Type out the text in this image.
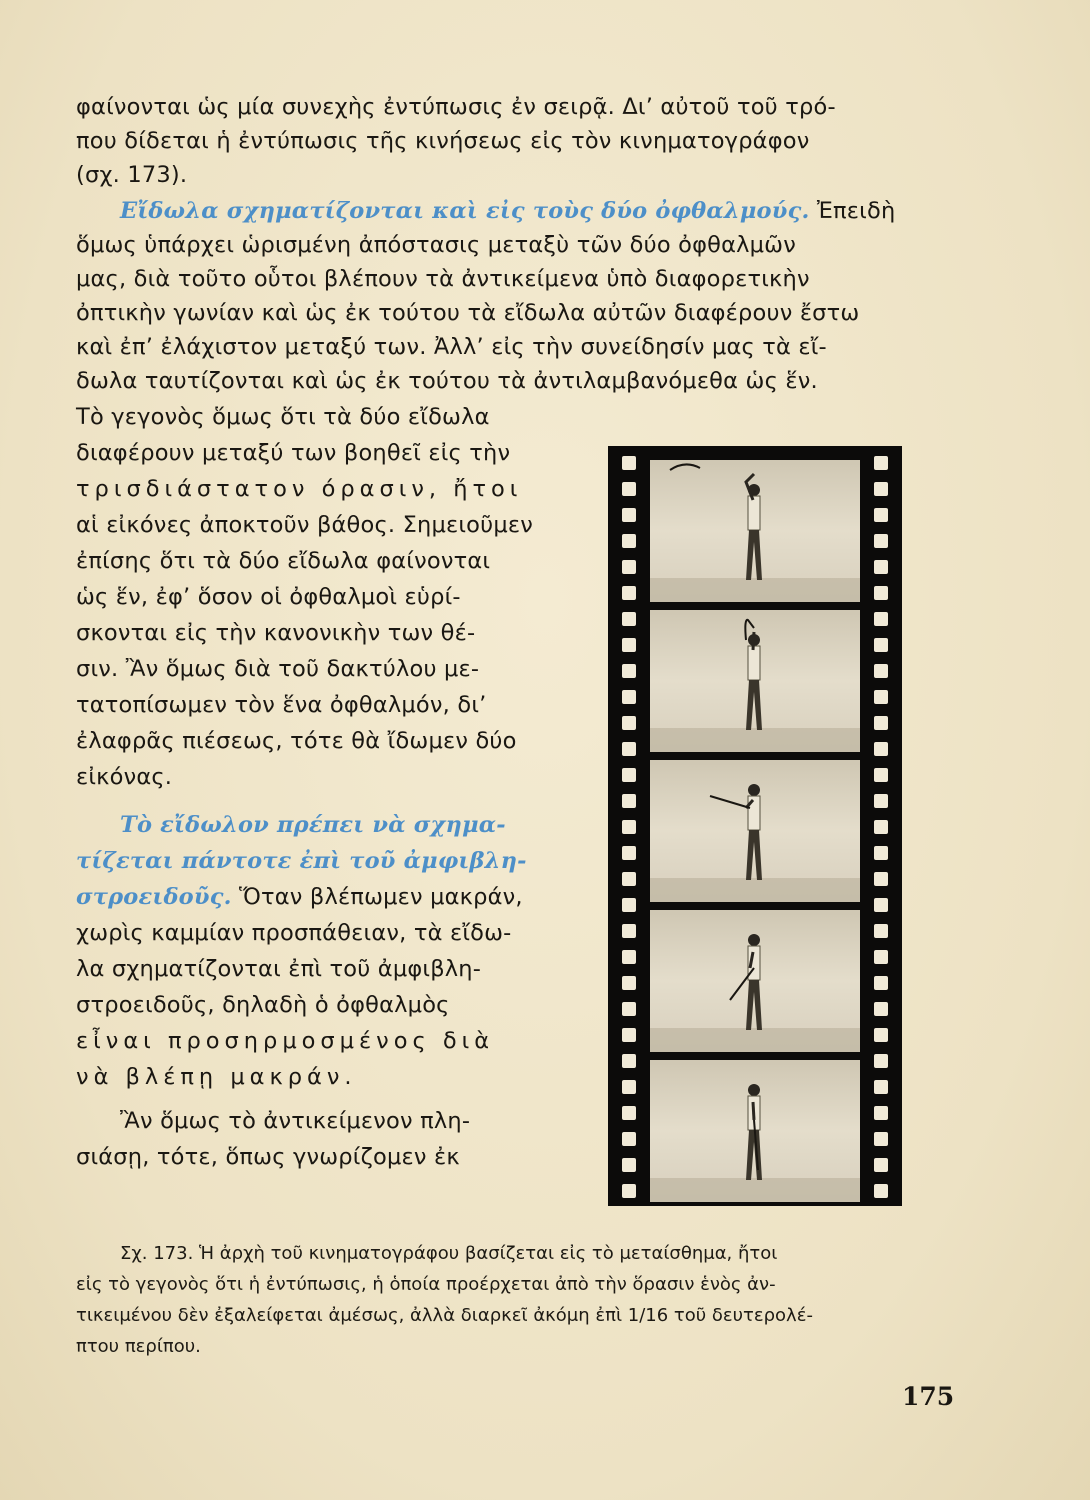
φαίνονται ὡς μία συνεχὴς ἐντύπωσις ἐν σειρᾷ. Δι’ αὐτοῦ τοῦ τρό-
που δίδεται ἡ ἐντύπωσις τῆς κινήσεως εἰς τὸν κινηματογράφον
(σχ. 173).
Εἴδωλα σχηματίζονται καὶ εἰς τοὺς δύο ὀφθαλμούς. Ἐπειδὴ
ὅμως ὑπάρχει ὡρισμένη ἀπόστασις μεταξὺ τῶν δύο ὀφθαλμῶν
μας, διὰ τοῦτο οὗτοι βλέπουν τὰ ἀντικείμενα ὑπὸ διαφορετικὴν
ὀπτικὴν γωνίαν καὶ ὡς ἐκ τούτου τὰ εἴδωλα αὐτῶν διαφέρουν ἔστω
καὶ ἐπ’ ἐλάχιστον μεταξύ των. Ἀλλ’ εἰς τὴν συνείδησίν μας τὰ εἴ-
δωλα ταυτίζονται καὶ ὡς ἐκ τούτου τὰ ἀντιλαμβανόμεθα ὡς ἕν.
Τὸ γεγονὸς ὅμως ὅτι τὰ δύο εἴδωλα
διαφέρουν μεταξύ των βοηθεῖ εἰς τὴν
τρισδιάστατον όρασιν, ἤτοι
αἱ εἰκόνες ἀποκτοῦν βάθος. Σημειοῦμεν
ἐπίσης ὅτι τὰ δύο εἴδωλα φαίνονται
ὡς ἕν, ἐφ’ ὅσον οἱ ὀφθαλμοὶ εὑρί-
σκονται εἰς τὴν κανονικὴν των θέ-
σιν. Ἂν ὅμως διὰ τοῦ δακτύλου με-
τατοπίσωμεν τὸν ἕνα ὀφθαλμόν, δι’
ἐλαφρᾶς πιέσεως, τότε θὰ ἴδωμεν δύο
εἰκόνας.
Τὸ εἴδωλον πρέπει νὰ σχημα-
τίζεται πάντοτε ἐπὶ τοῦ ἀμφιβλη-
στροειδοῦς. Ὅταν βλέπωμεν μακράν,
χωρὶς καμμίαν προσπάθειαν, τὰ εἴδω-
λα σχηματίζονται ἐπὶ τοῦ ἀμφιβλη-
στροειδοῦς, δηλαδὴ ὁ ὀφθαλμὸς
εἶναι προσηρμοσμένος διὰ
νὰ βλέπῃ μακράν.
Ἂν ὅμως τὸ ἀντικείμενον πλη-
σιάσῃ, τότε, ὅπως γνωρίζομεν ἐκ
Σχ. 173. Ἡ ἀρχὴ τοῦ κινηματογράφου βασίζεται εἰς τὸ μεταίσθημα, ἤτοι
εἰς τὸ γεγονὸς ὅτι ἡ ἐντύπωσις, ἡ ὁποία προέρχεται ἀπὸ τὴν ὅρασιν ἑνὸς ἀν-
τικειμένου δὲν ἐξαλείφεται ἀμέσως, ἀλλὰ διαρκεῖ ἀκόμη ἐπὶ 1/16 τοῦ δευτερολέ-
πτου περίπου.
175
